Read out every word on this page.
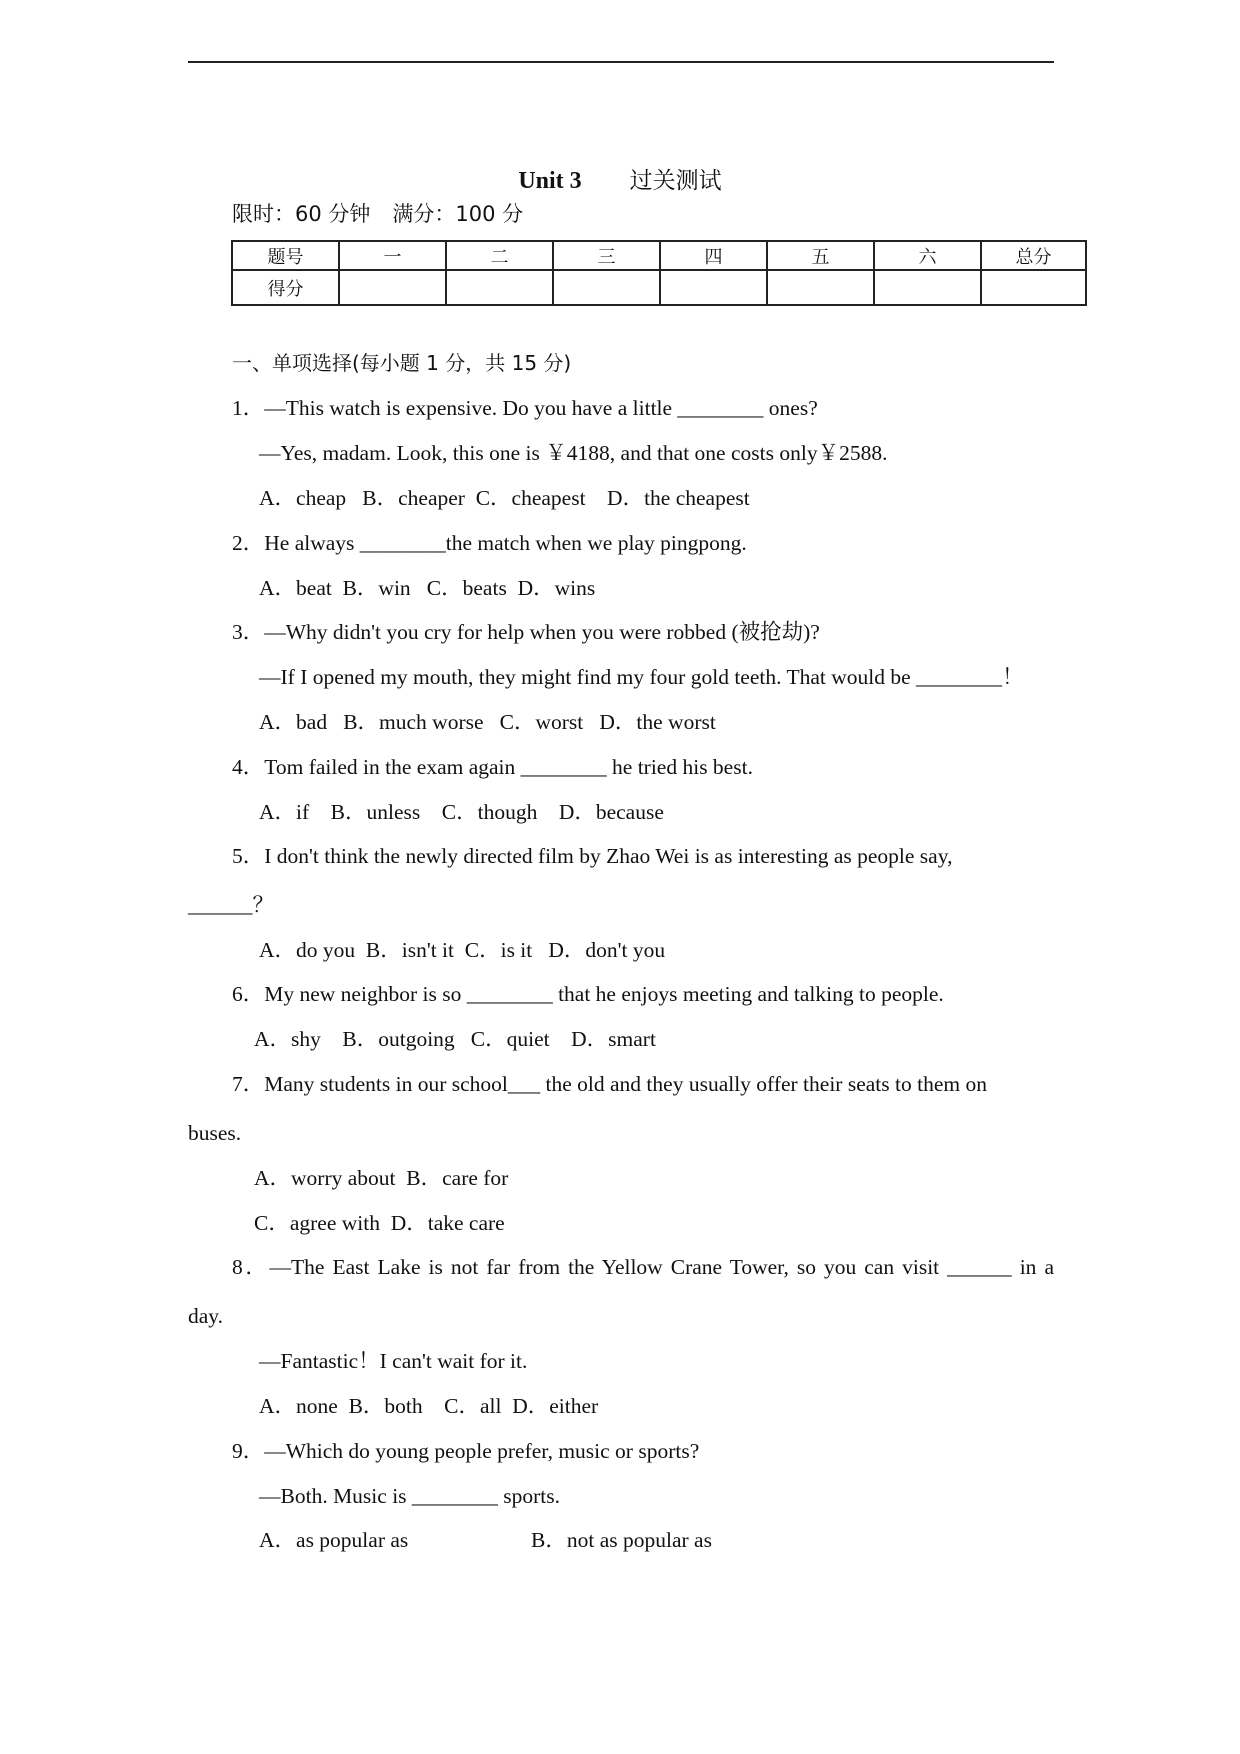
Unit 3 过关测试
限时：60 分钟 满分：100 分
题号	一	二	三	四	五	六	总分
得分							
一、单项选择(每小题 1 分，共 15 分)
1．—This watch is expensive. Do you have a little ________ ones?
—Yes, madam. Look, this one is ￥4188, and that one costs only￥2588.
A．cheap   B．cheaper  C．cheapest    D．the cheapest
2．He always ________the match when we play pingpong.
A．beat  B．win   C．beats  D．wins
3．—Why didn't you cry for help when you were robbed (被抢劫)?
—If I opened my mouth, they might find my four gold teeth. That would be ________！
A．bad   B．much worse   C．worst   D．the worst
4．Tom failed in the exam again ________ he tried his best.
A．if    B．unless    C．though    D．because
5．I don't think the newly directed film by Zhao Wei is as interesting as people say,
______？
A．do you  B．isn't it  C．is it   D．don't you
6．My new neighbor is so ________ that he enjoys meeting and talking to people.
A．shy    B．outgoing   C．quiet    D．smart
7．Many students in our school___ the old and they usually offer their seats to them on
buses.
A．worry about  B．care for
C．agree with  D．take care
8．—The East Lake is not far from the Yellow Crane Tower, so you can visit ______ in a
day.
—Fantastic！I can't wait for it.
A．none  B．both    C．all  D．either
9．—Which do young people prefer, music or sports?
—Both. Music is ________ sports.
A．as popular as	B．not as popular as
